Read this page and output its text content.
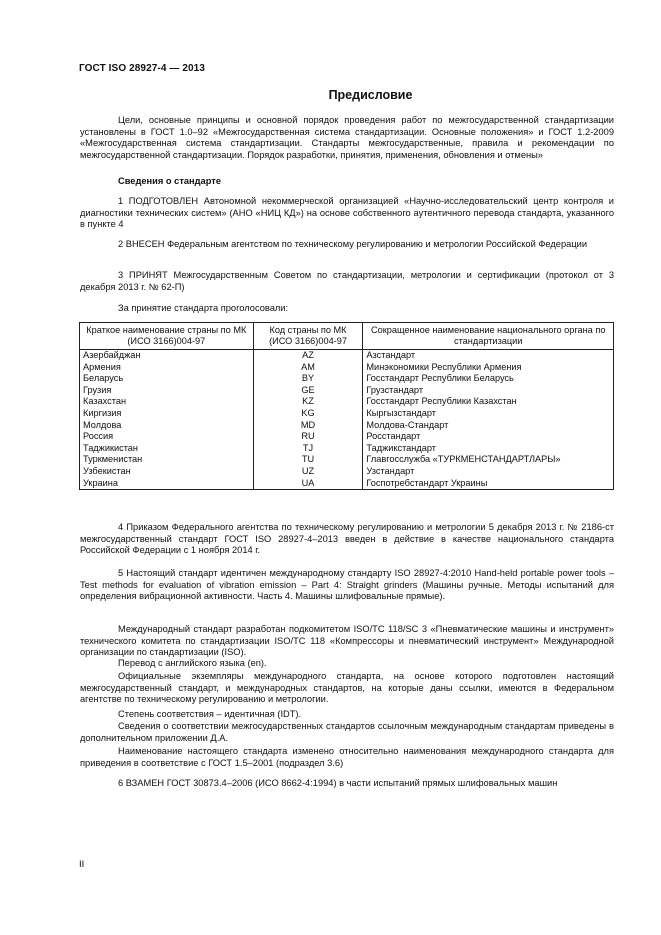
ГОСТ ISO 28927-4 — 2013
Предисловие

Цели, основные принципы и основной порядок проведения работ по межгосударственной стандартизации установлены в ГОСТ 1.0–92 «Межгосударственная система стандартизации. Основные положения» и ГОСТ 1.2-2009 «Межгосударственная система стандартизации. Стандарты межгосударственные, правила и рекомендации по межгосударственной стандартизации. Порядок разработки, принятия, применения, обновления и отмены»

Сведения о стандарте

1 ПОДГОТОВЛЕН Автономной некоммерческой организацией «Научно-исследовательский центр контроля и диагностики технических систем» (АНО «НИЦ КД») на основе собственного аутентичного перевода стандарта, указанного в пункте 4

2 ВНЕСЕН Федеральным агентством по техническому регулированию и метрологии Российской Федерации

3 ПРИНЯТ Межгосударственным Советом по стандартизации, метрологии и сертификации (протокол от 3 декабря 2013 г. № 62-П)

За принятие стандарта проголосовали:

Краткое наименование страны по МК (ИСО 3166)004-97	Код страны по МК (ИСО 3166)004-97	Сокращенное наименование национального органа по стандартизации
Азербайджан	AZ	Азстандарт
Армения	AM	Минэкономики Республики Армения
Беларусь	BY	Госстандарт Республики Беларусь
Грузия	GE	Грузстандарт
Казахстан	KZ	Госстандарт Республики Казахстан
Киргизия	KG	Кыргызстандарт
Молдова	MD	Молдова-Стандарт
Россия	RU	Росстандарт
Таджикистан	TJ	Таджикстандарт
Туркменистан	TU	Главгосслужба «ТУРКМЕНСТАНДАРТЛАРЫ»
Узбекистан	UZ	Узстандарт
Украина	UA	Госпотребстандарт Украины

4 Приказом Федерального агентства по техническому регулированию и метрологии 5 декабря 2013 г. № 2186-ст межгосударственный стандарт ГОСТ ISO 28927-4–2013 введен в действие в качестве национального стандарта Российской Федерации с 1 ноября 2014 г.

5 Настоящий стандарт идентичен международному стандарту ISO 28927-4:2010 Hand-held portable power tools – Test methods for evaluation of vibration emission – Part 4: Straight grinders (Машины ручные. Методы испытаний для определения вибрационной активности. Часть 4. Машины шлифовальные прямые).

Международный стандарт разработан подкомитетом ISO/TC 118/SC 3 «Пневматические машины и инструмент» технического комитета по стандартизации ISO/TC 118 «Компрессоры и пневматический инструмент» Международной организации по стандартизации (ISO).

Перевод с английского языка (en).

Официальные экземпляры международного стандарта, на основе которого подготовлен настоящий межгосударственный стандарт, и международных стандартов, на которые даны ссылки, имеются в Федеральном агентстве по техническому регулированию и метрологии.

Степень соответствия – идентичная (IDT).

Сведения о соответствии межгосударственных стандартов ссылочным международным стандартам приведены в дополнительном приложении Д.А.

Наименование настоящего стандарта изменено относительно наименования международного стандарта для приведения в соответствие с ГОСТ 1.5–2001 (подраздел 3.6)

6 ВЗАМЕН ГОСТ 30873.4–2006 (ИСО 8662-4:1994) в части испытаний прямых шлифовальных машин

II
